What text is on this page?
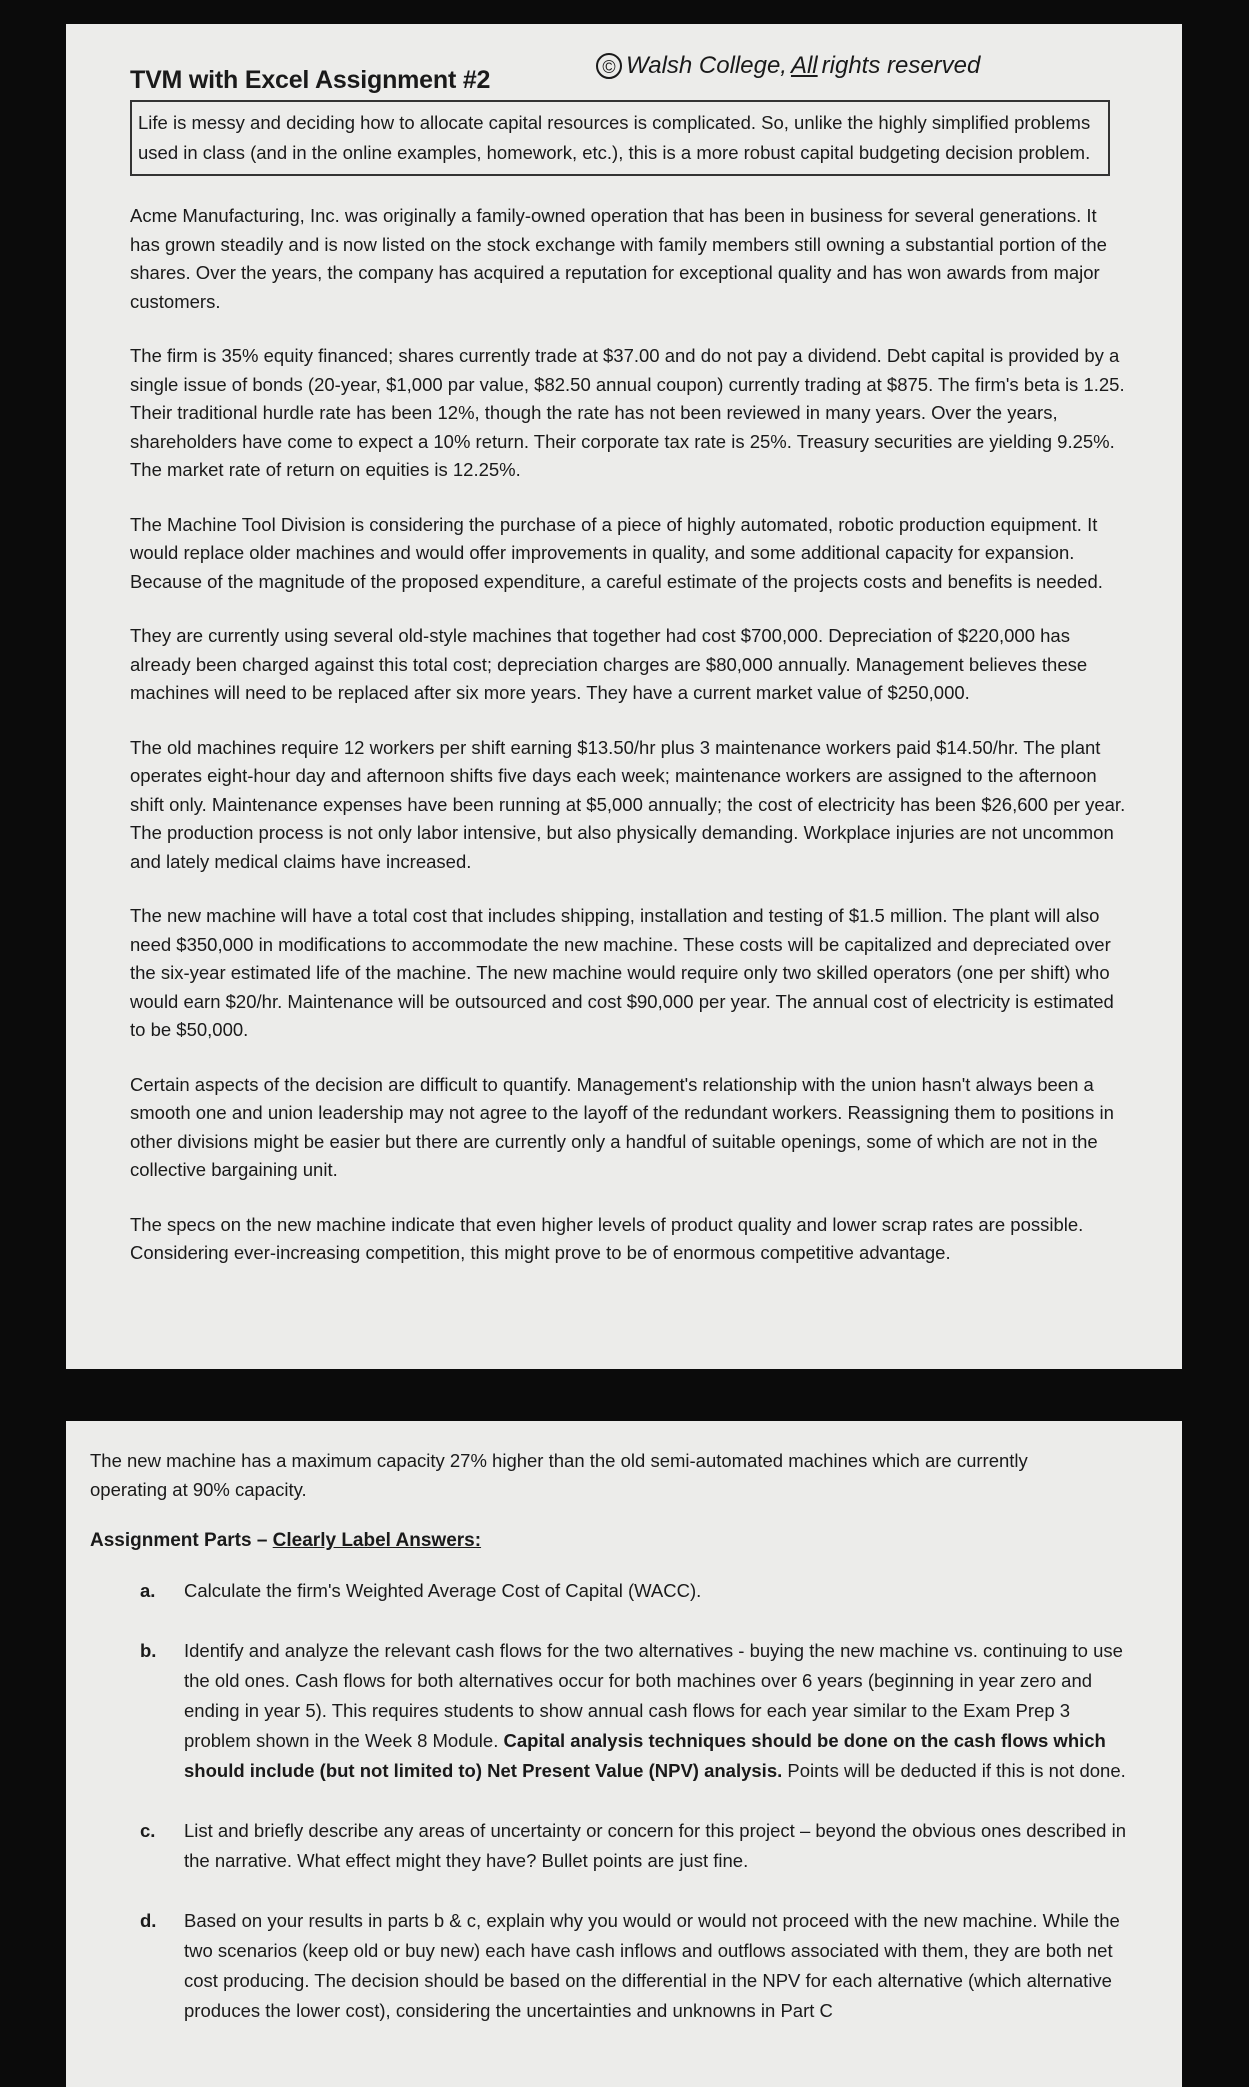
TVM with Excel Assignment #2	© Walsh College, All rights reserved
Life is messy and deciding how to allocate capital resources is complicated. So, unlike the highly simplified problems used in class (and in the online examples, homework, etc.), this is a more robust capital budgeting decision problem.

Acme Manufacturing, Inc. was originally a family-owned operation that has been in business for several generations. It has grown steadily and is now listed on the stock exchange with family members still owning a substantial portion of the shares. Over the years, the company has acquired a reputation for exceptional quality and has won awards from major customers.

The firm is 35% equity financed; shares currently trade at $37.00 and do not pay a dividend. Debt capital is provided by a single issue of bonds (20-year, $1,000 par value, $82.50 annual coupon) currently trading at $875. The firm's beta is 1.25. Their traditional hurdle rate has been 12%, though the rate has not been reviewed in many years. Over the years, shareholders have come to expect a 10% return. Their corporate tax rate is 25%. Treasury securities are yielding 9.25%. The market rate of return on equities is 12.25%.

The Machine Tool Division is considering the purchase of a piece of highly automated, robotic production equipment. It would replace older machines and would offer improvements in quality, and some additional capacity for expansion. Because of the magnitude of the proposed expenditure, a careful estimate of the projects costs and benefits is needed.

They are currently using several old-style machines that together had cost $700,000. Depreciation of $220,000 has already been charged against this total cost; depreciation charges are $80,000 annually. Management believes these machines will need to be replaced after six more years. They have a current market value of $250,000.

The old machines require 12 workers per shift earning $13.50/hr plus 3 maintenance workers paid $14.50/hr. The plant operates eight-hour day and afternoon shifts five days each week; maintenance workers are assigned to the afternoon shift only. Maintenance expenses have been running at $5,000 annually; the cost of electricity has been $26,600 per year. The production process is not only labor intensive, but also physically demanding. Workplace injuries are not uncommon and lately medical claims have increased.

The new machine will have a total cost that includes shipping, installation and testing of $1.5 million. The plant will also need $350,000 in modifications to accommodate the new machine. These costs will be capitalized and depreciated over the six-year estimated life of the machine. The new machine would require only two skilled operators (one per shift) who would earn $20/hr. Maintenance will be outsourced and cost $90,000 per year. The annual cost of electricity is estimated to be $50,000.

Certain aspects of the decision are difficult to quantify. Management's relationship with the union hasn't always been a smooth one and union leadership may not agree to the layoff of the redundant workers. Reassigning them to positions in other divisions might be easier but there are currently only a handful of suitable openings, some of which are not in the collective bargaining unit.

The specs on the new machine indicate that even higher levels of product quality and lower scrap rates are possible. Considering ever-increasing competition, this might prove to be of enormous competitive advantage.

The new machine has a maximum capacity 27% higher than the old semi-automated machines which are currently operating at 90% capacity.

Assignment Parts – Clearly Label Answers:
a.	Calculate the firm's Weighted Average Cost of Capital (WACC).
b.	Identify and analyze the relevant cash flows for the two alternatives - buying the new machine vs. continuing to use the old ones. Cash flows for both alternatives occur for both machines over 6 years (beginning in year zero and ending in year 5). This requires students to show annual cash flows for each year similar to the Exam Prep 3 problem shown in the Week 8 Module. Capital analysis techniques should be done on the cash flows which should include (but not limited to) Net Present Value (NPV) analysis. Points will be deducted if this is not done.
c.	List and briefly describe any areas of uncertainty or concern for this project – beyond the obvious ones described in the narrative. What effect might they have? Bullet points are just fine.
d.	Based on your results in parts b & c, explain why you would or would not proceed with the new machine. While the two scenarios (keep old or buy new) each have cash inflows and outflows associated with them, they are both net cost producing. The decision should be based on the differential in the NPV for each alternative (which alternative produces the lower cost), considering the uncertainties and unknowns in Part C
